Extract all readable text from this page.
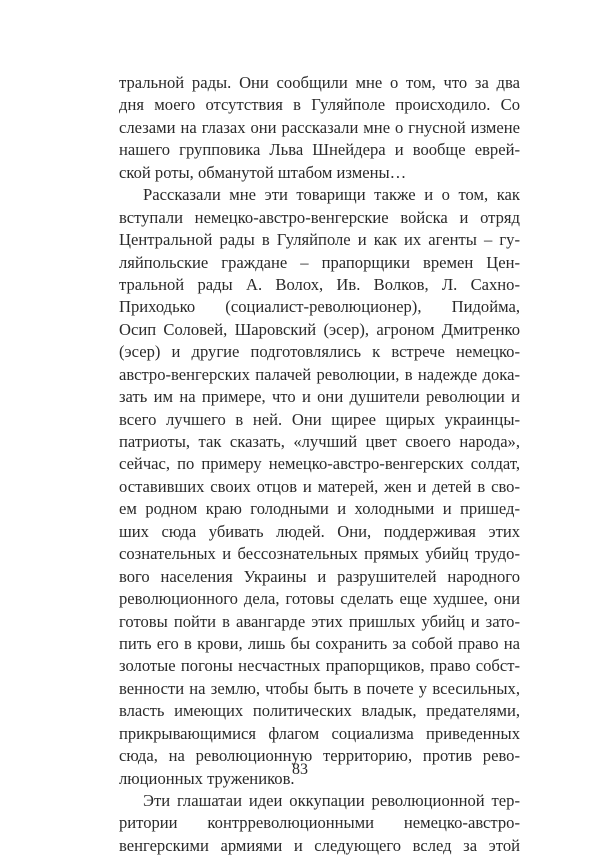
тральной рады. Они сообщили мне о том, что за два
дня моего отсутствия в Гуляйполе происходило. Со
слезами на глазах они рассказали мне о гнусной измене
нашего группoвика Льва Шнейдера и вообще еврей-
ской роты, обманутой штабом измены…
Рассказали мне эти товарищи также и о том, как
вступали немецко-австро-венгерские войска и отряд
Центральной рады в Гуляйполе и как их агенты – гу-
ляйпольские граждане – прапорщики времен Цен-
тральной рады А. Волох, Ив. Волков, Л. Сахно-
Приходько (социалист-революционер), Пидойма,
Осип Соловей, Шаровский (эсер), агроном Дмитренко
(эсер) и другие подготовлялись к встрече немецко-
австро-венгерских палачей революции, в надежде дока-
зать им на примере, что и они душители революции и
всего лучшего в ней. Они щирее щирых украинцы-
патриоты, так сказать, «лучший цвет своего народа»,
сейчас, по примеру немецко-австро-венгерских солдат,
оставивших своих отцов и матерей, жен и детей в сво-
ем родном краю голодными и холодными и пришед-
ших сюда убивать людей. Они, поддерживая этих
сознательных и бессознательных прямых убийц трудо-
вого населения Украины и разрушителей народного
революционного дела, готовы сделать еще худшее, они
готовы пойти в авангарде этих пришлых убийц и зато-
пить его в крови, лишь бы сохранить за собой право на
золотые погоны несчастных прапорщиков, право собст-
венности на землю, чтобы быть в почете у всесильных,
власть имеющих политических владык, предателями,
прикрывающимися флагом социализма приведенных
сюда, на революционную территорию, против рево-
люционных тружеников.
Эти глашатаи идеи оккупации революционной тер-
ритории контрреволюционными немецко-австро-
венгерскими армиями и следующего вслед за этой
83
